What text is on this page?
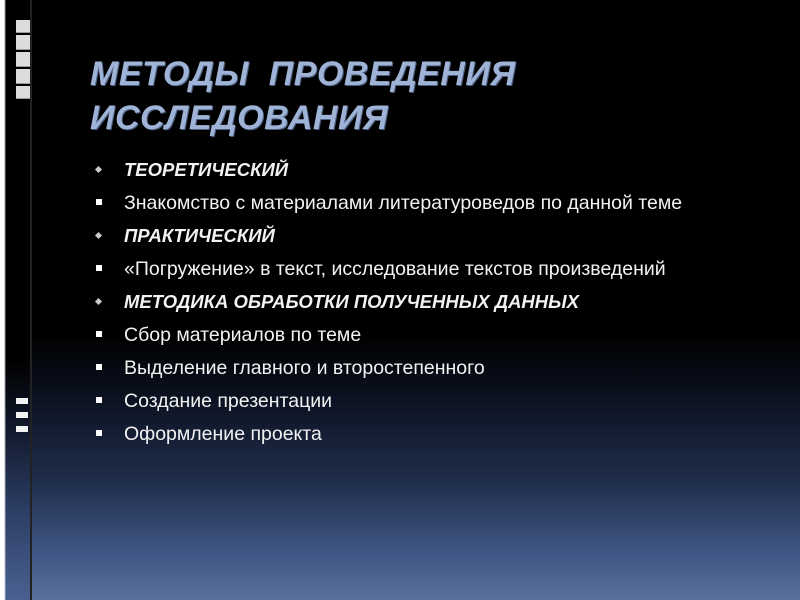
МЕТОДЫ  ПРОВЕДЕНИЯ
ИССЛЕДОВАНИЯ
ТЕОРЕТИЧЕСКИЙ
Знакомство с материалами литературоведов по данной теме
ПРАКТИЧЕСКИЙ
«Погружение» в текст, исследование текстов произведений
МЕТОДИКА ОБРАБОТКИ ПОЛУЧЕННЫХ ДАННЫХ
Сбор материалов по теме
Выделение главного и второстепенного
Создание презентации
Оформление проекта
